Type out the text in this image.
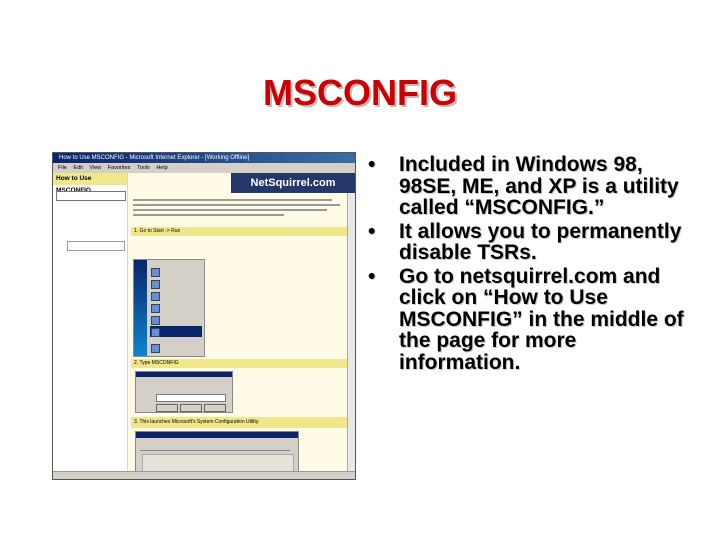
MSCONFIG
How to Use MSCONFIG - Microsoft Internet Explorer - [Working Offline]
File Edit View Favorites Tools Help
How to Use	NetSquirrel.com
1. Go to Start -> Run
2. Type MSCONFIG
3. This launches Microsoft's System Configuration Utility.
• Included in Windows 98, 98SE, ME, and XP is a utility called “MSCONFIG.”
• It allows you to permanently disable TSRs.
• Go to netsquirrel.com and click on “How to Use MSCONFIG” in the middle of the page for more information.
